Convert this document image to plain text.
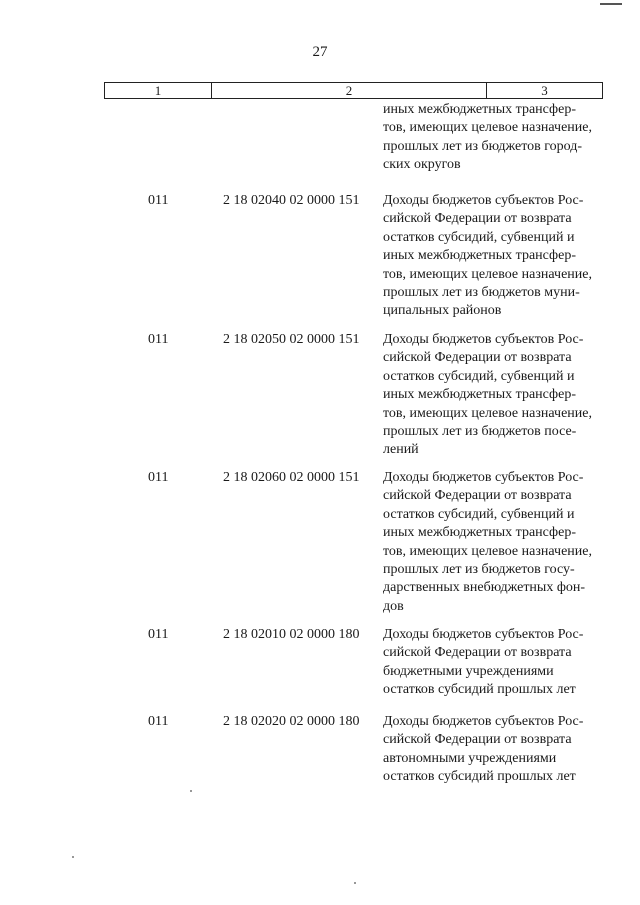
27
1	2	3
иных межбюджетных трансфер-
тов, имеющих целевое назначение,
прошлых лет из бюджетов город-
ских округов
011	2 18 02040 02 0000 151 Доходы бюджетов субъектов Рос-
сийской Федерации от возврата
остатков субсидий, субвенций и
иных межбюджетных трансфер-
тов, имеющих целевое назначение,
прошлых лет из бюджетов муни-
ципальных районов
011	2 18 02050 02 0000 151 Доходы бюджетов субъектов Рос-
сийской Федерации от возврата
остатков субсидий, субвенций и
иных межбюджетных трансфер-
тов, имеющих целевое назначение,
прошлых лет из бюджетов посе-
лений
011	2 18 02060 02 0000 151 Доходы бюджетов субъектов Рос-
сийской Федерации от возврата
остатков субсидий, субвенций и
иных межбюджетных трансфер-
тов, имеющих целевое назначение,
прошлых лет из бюджетов госу-
дарственных внебюджетных фон-
дов
011	2 18 02010 02 0000 180 Доходы бюджетов субъектов Рос-
сийской Федерации от возврата
бюджетными учреждениями
остатков субсидий прошлых лет
011	2 18 02020 02 0000 180 Доходы бюджетов субъектов Рос-
сийской Федерации от возврата
автономными учреждениями
остатков субсидий прошлых лет
